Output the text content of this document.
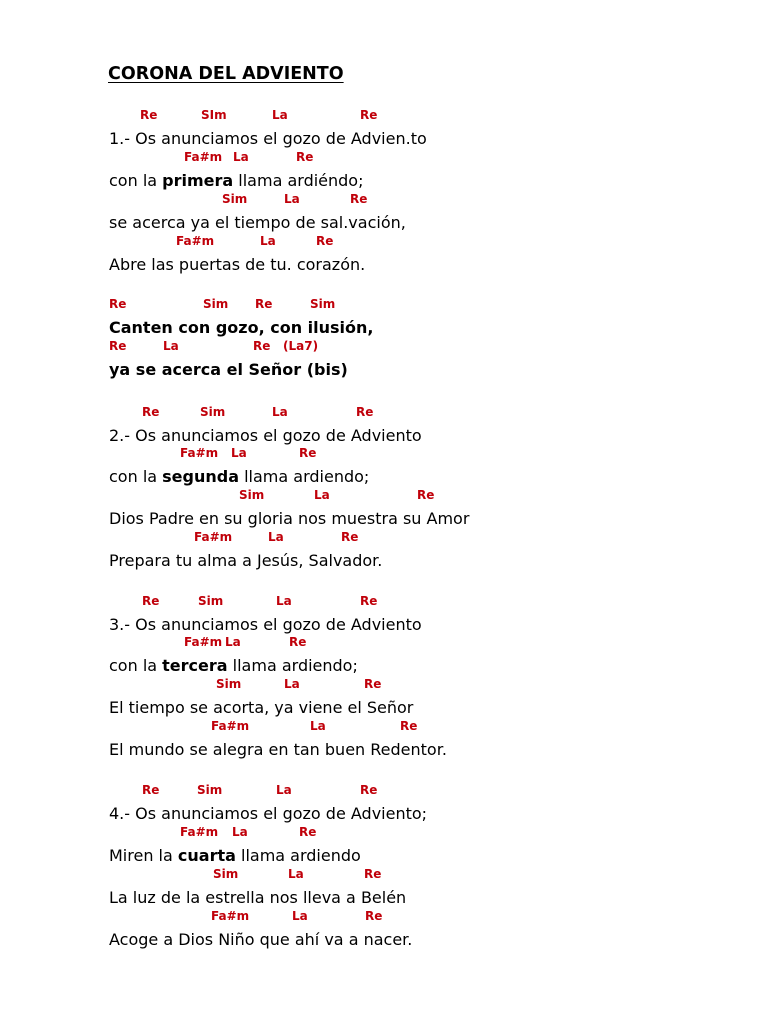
CORONA DEL ADVIENTO
Re	SIm	La	Re
1.- Os anunciamos el gozo de Advien.to
Fa#m La	Re
con la primera llama ardiéndo;
Sim	La	Re
se acerca ya el tiempo de sal.vación,
Fa#m	La	Re
Abre las puertas de tu. corazón.
Re	Sim Re	Sim
Canten con gozo, con ilusión,
Re	La	Re (La7)
ya se acerca el Señor (bis)
Re	Sim	La	Re
2.- Os anunciamos el gozo de Adviento
Fa#m La	Re
con la segunda llama ardiendo;
Sim	La	Re
Dios Padre en su gloria nos muestra su Amor
Fa#m	La	Re
Prepara tu alma a Jesús, Salvador.
Re	Sim	La	Re
3.- Os anunciamos el gozo de Adviento
Fa#m La	Re
con la tercera llama ardiendo;
Sim	La	Re
El tiempo se acorta, ya viene el Señor
Fa#m	La	Re
El mundo se alegra en tan buen Redentor.
Re	Sim	La	Re
4.- Os anunciamos el gozo de Adviento;
Fa#m La	Re
Miren la cuarta llama ardiendo
Sim	La	Re
La luz de la estrella nos lleva a Belén
Fa#m	La	Re
Acoge a Dios Niño que ahí va a nacer.
